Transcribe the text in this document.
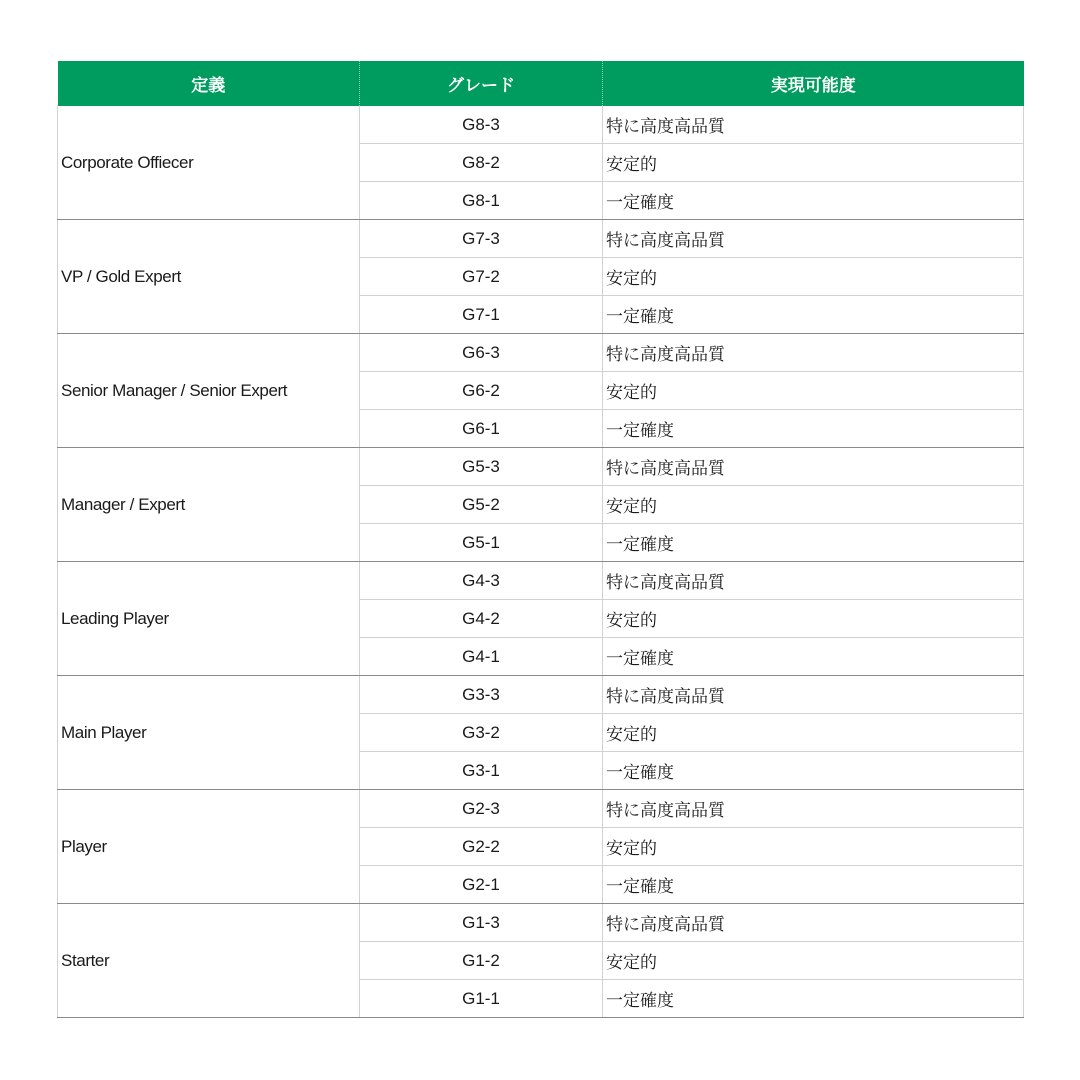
定義	グレード	実現可能度
Corporate Offiecer	G8-3	特に高度高品質
	G8-2	安定的
	G8-1	一定確度
VP / Gold Expert	G7-3	特に高度高品質
	G7-2	安定的
	G7-1	一定確度
Senior Manager / Senior Expert	G6-3	特に高度高品質
	G6-2	安定的
	G6-1	一定確度
Manager / Expert	G5-3	特に高度高品質
	G5-2	安定的
	G5-1	一定確度
Leading Player	G4-3	特に高度高品質
	G4-2	安定的
	G4-1	一定確度
Main Player	G3-3	特に高度高品質
	G3-2	安定的
	G3-1	一定確度
Player	G2-3	特に高度高品質
	G2-2	安定的
	G2-1	一定確度
Starter	G1-3	特に高度高品質
	G1-2	安定的
	G1-1	一定確度
